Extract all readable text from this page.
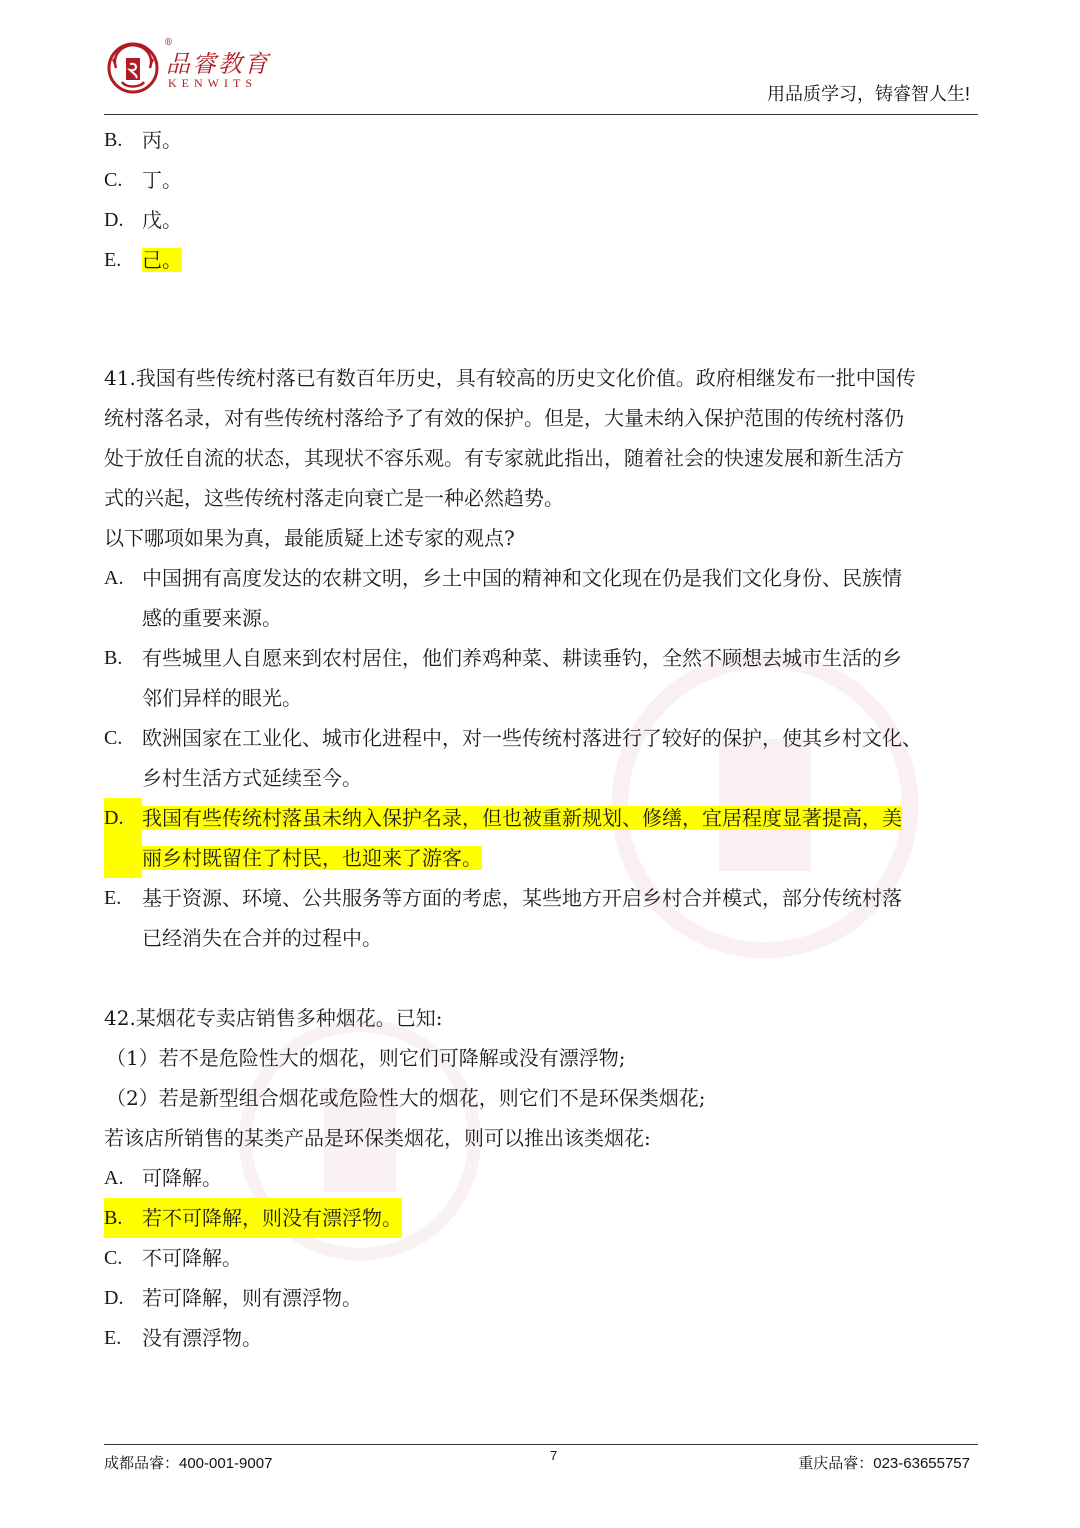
品睿教育
®
KENWITS
用品质学习，铸睿智人生!
B. 丙。
C. 丁。
D. 戊。
E.	己。
41.我国有些传统村落已有数百年历史，具有较高的历史文化价值。政府相继发布一批中国传
统村落名录，对有些传统村落给予了有效的保护。但是，大量未纳入保护范围的传统村落仍
处于放任自流的状态，其现状不容乐观。有专家就此指出，随着社会的快速发展和新生活方
式的兴起，这些传统村落走向衰亡是一种必然趋势。
以下哪项如果为真，最能质疑上述专家的观点?
A. 中国拥有高度发达的农耕文明，乡土中国的精神和文化现在仍是我们文化身份、民族情
感的重要来源。
B. 有些城里人自愿来到农村居住，他们养鸡种菜、耕读垂钓，全然不顾想去城市生活的乡
邻们异样的眼光。
C. 欧洲国家在工业化、城市化进程中，对一些传统村落进行了较好的保护，使其乡村文化、
乡村生活方式延续至今。
D. 我国有些传统村落虽未纳入保护名录，但也被重新规划、修缮，宜居程度显著提高，美
丽乡村既留住了村民，也迎来了游客。
E.	基于资源、环境、公共服务等方面的考虑，某些地方开启乡村合并模式，部分传统村落
已经消失在合并的过程中。
42.某烟花专卖店销售多种烟花。已知:
（1）若不是危险性大的烟花，则它们可降解或没有漂浮物;
（2）若是新型组合烟花或危险性大的烟花，则它们不是环保类烟花;
若该店所销售的某类产品是环保类烟花，则可以推出该类烟花:
A. 可降解。
B. 若不可降解，则没有漂浮物。
C. 不可降解。
D. 若可降解，则有漂浮物。
E.	没有漂浮物。
成都品睿：400-001-9007	7	重庆品睿：023-63655757
